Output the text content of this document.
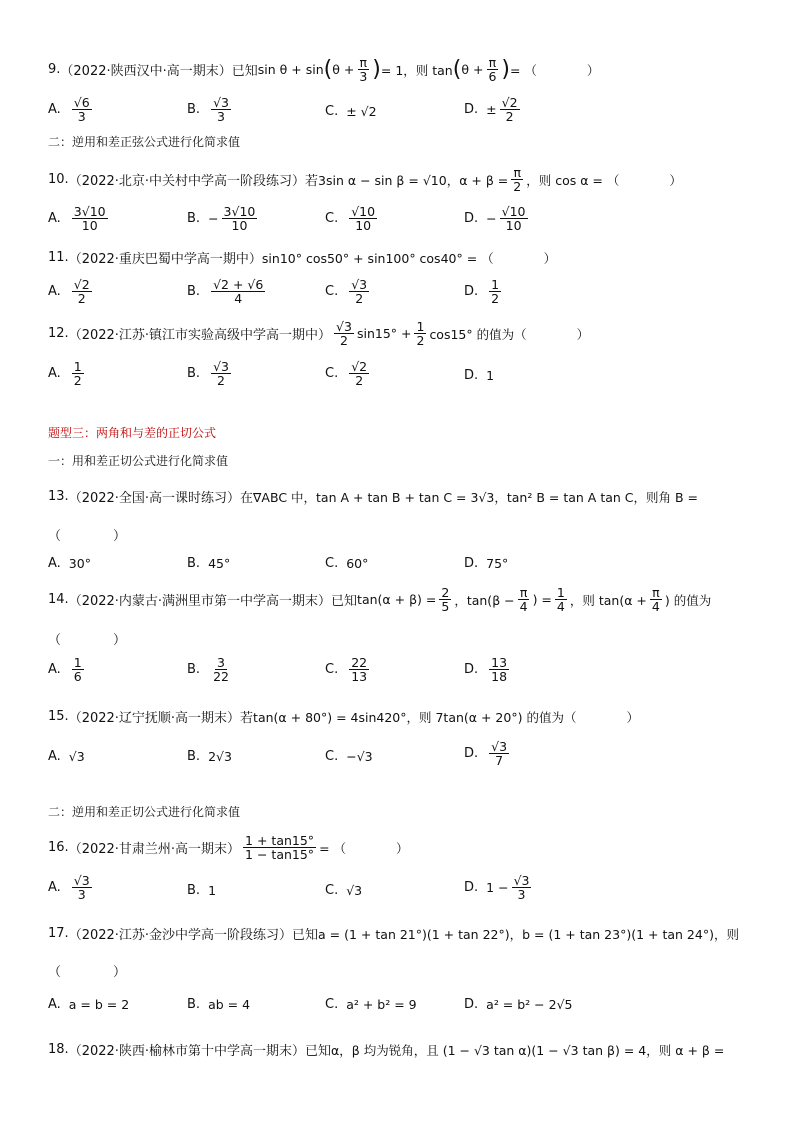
9. （2022·陕西汉中·高一期末）已知 sin θ + sin ( $\theta + \frac{\pi}{3}$ ) = 1，则 tan ( $\theta + \frac{\pi}{6}$ ) = （　　　　）
A. $\frac{√6}{3}$	B. $\frac{√3}{3}$	C. ± √2	D. ± $\frac{√2}{2}$
二：逆用和差正弦公式进行化简求值
10. （2022·北京·中关村中学高一阶段练习）若 3sin α − sin β = √10，$\alpha + \beta = \frac{\pi}{2}$ ，则 cos α = （　　　　）
A. $\frac{3√10}{10}$	B. − $\frac{3√10}{10}$	C. $\frac{√10}{10}$	D. − $\frac{√10}{10}$
11. （2022·重庆巴蜀中学高一期中） sin10° cos50° + sin100° cos40° = （　　　　）
A. $\frac{√2}{2}$	B. $\frac{√2 + √6}{4}$	C. $\frac{√3}{2}$	D. $\frac{1}{2}$
12. （2022·江苏·镇江市实验高级中学高一期中） $\frac{√3}{2} \sin 15^\circ + \frac{1}{2} \cos 15^\circ$ 的值为（　　　　）
A. $\frac{1}{2}$	B. $\frac{√3}{2}$	C. $\frac{√2}{2}$	D. 1
题型三：两角和与差的正切公式
一：用和差正切公式进行化简求值
13. （2022·全国·高一课时练习）在 ∇ABC 中，tan A + tan B + tan C = 3√3，tan² B = tan A tan C，则角 B =
（　　　　）
A. 30°	B. 45°	C. 60°	D. 75°
14. （2022·内蒙古·满洲里市第一中学高一期末）已知 $\tan(\alpha + \beta) = \frac{2}{5}$ ，$\tan(\beta - \frac{\pi}{4}$ ) = $\frac{1}{4}$ ，则 $\tan(\alpha + \frac{\pi}{4}$ ) 的值为
（　　　　）
A. $\frac{1}{6}$	B. $\frac{3}{22}$	C. $\frac{22}{13}$	D. $\frac{13}{18}$
15. （2022·辽宁抚顺·高一期末）若 tan(α + 80°) = 4sin420°，则 7tan(α + 20°) 的值为（　　　　）
A. √3	B. 2√3	C. −√3	D. $\frac{√3}{7}$
二：逆用和差正切公式进行化简求值
16. （2022·甘肃兰州·高一期末） $\frac{1 + \tan 15^\circ}{1 - \tan 15^\circ}$ = （　　　　）
A. $\frac{√3}{3}$	B. 1	C. √3	D. $1 - \frac{√3}{3}$
17. （2022·江苏·金沙中学高一阶段练习）已知 a = (1 + tan 21°)(1 + tan 22°)，b = (1 + tan 23°)(1 + tan 24°)，则
（　　　　）
A. a = b = 2	B. ab = 4	C. a² + b² = 9	D. a² = b² − 2√5
18. （2022·陕西·榆林市第十中学高一期末）已知 α，β 均为锐角，且 (1 − √3 tan α)(1 − √3 tan β) = 4，则 α + β =
